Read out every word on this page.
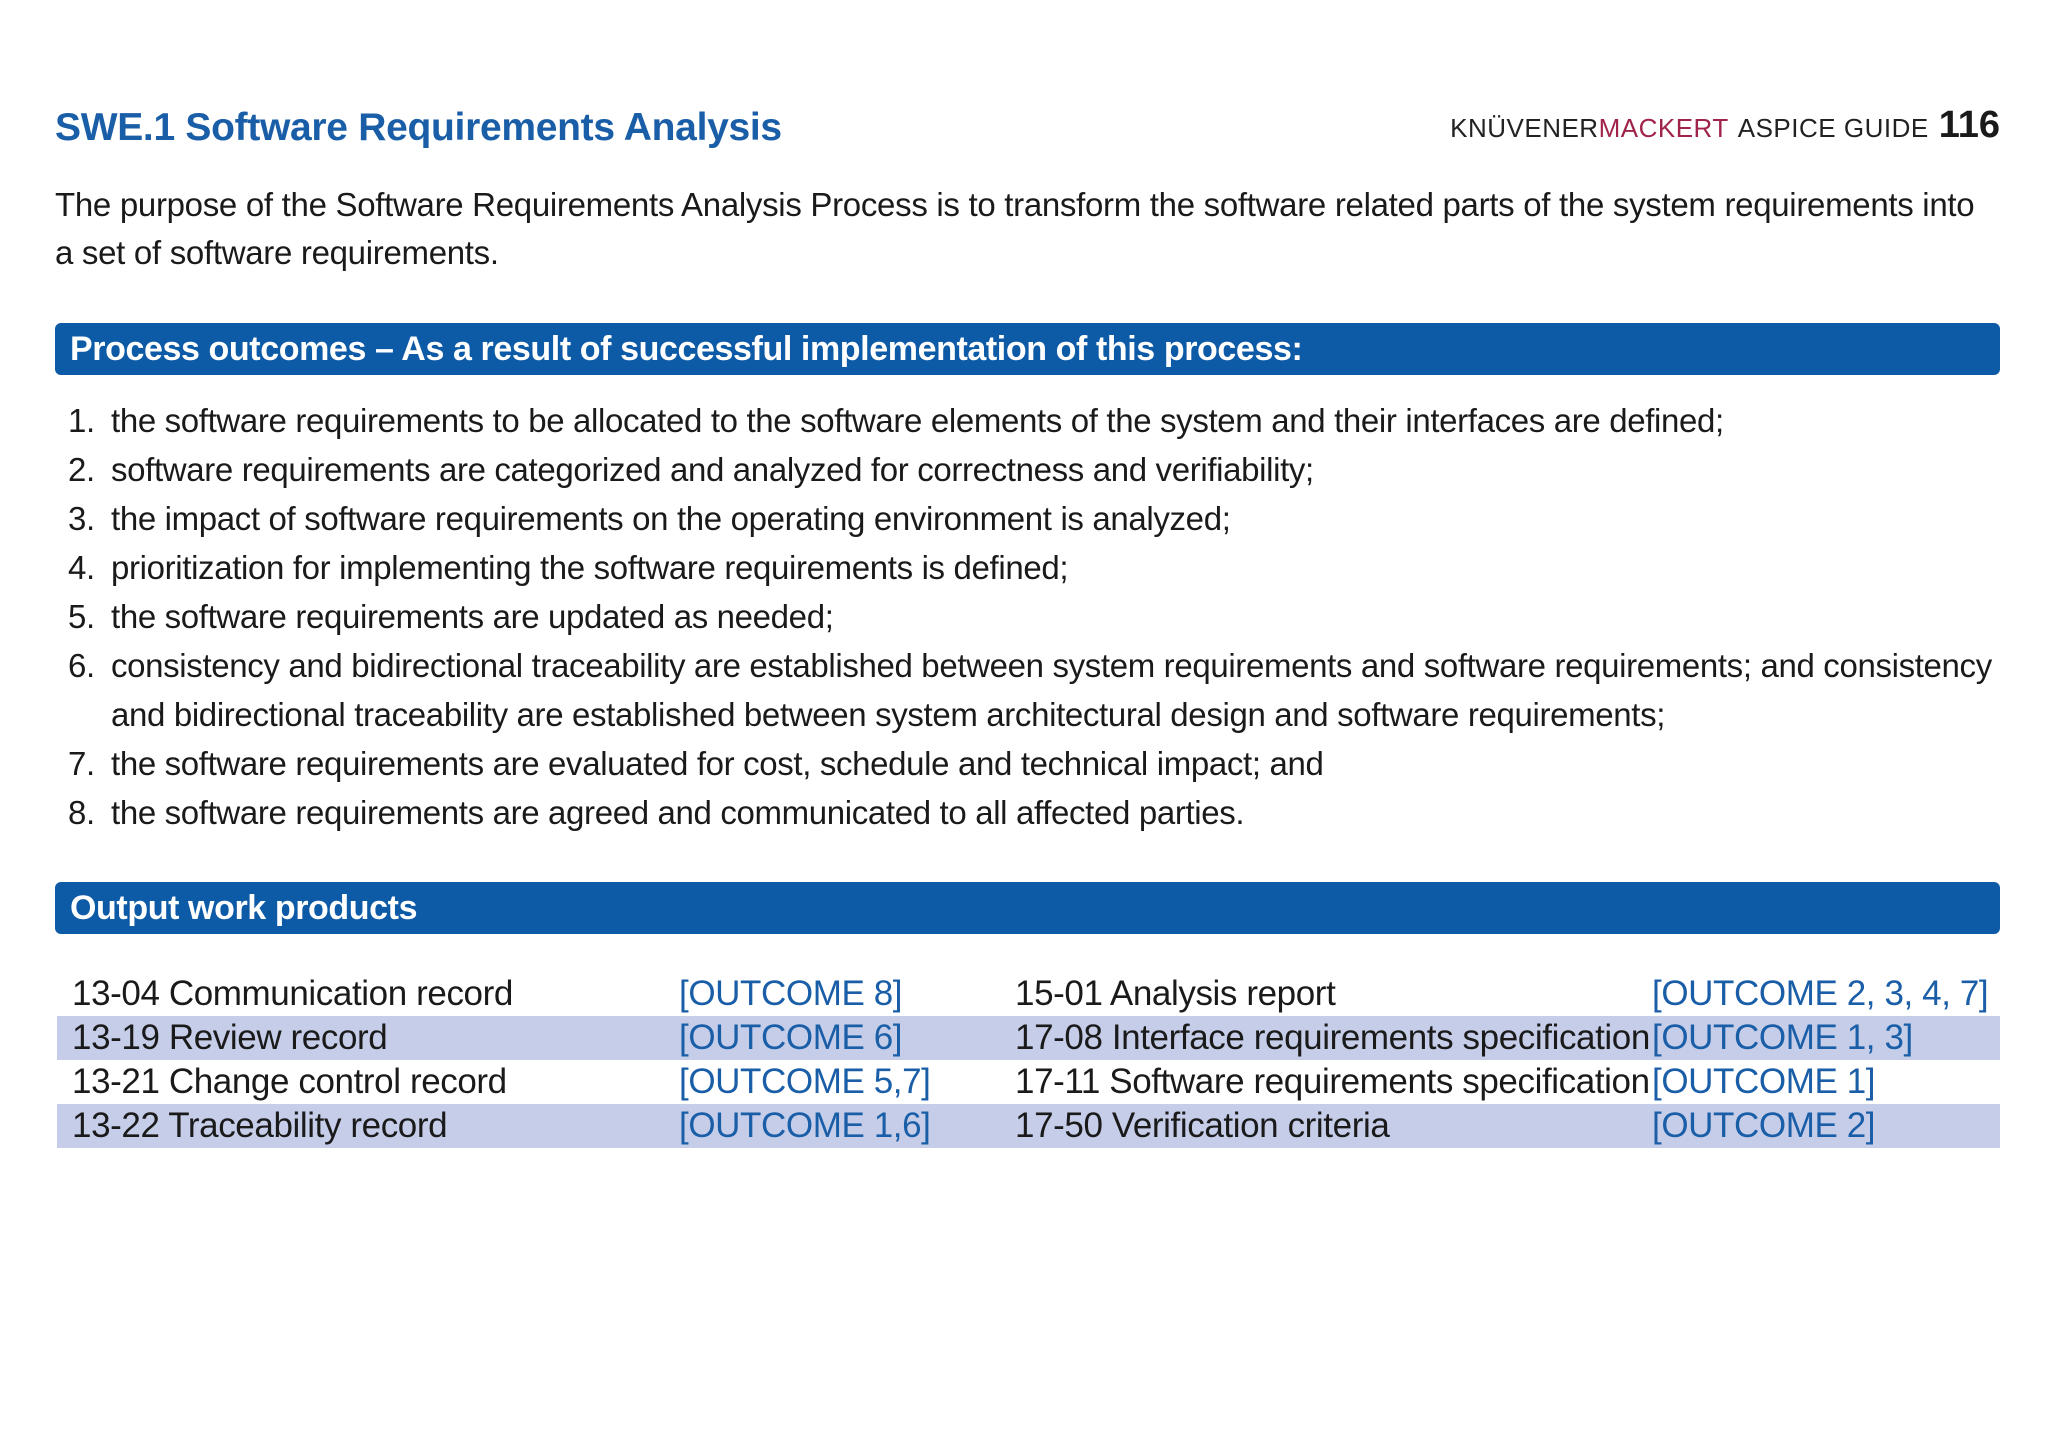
SWE.1 Software Requirements Analysis	KNÜVENER MACKERT ASPICE GUIDE 116
The purpose of the Software Requirements Analysis Process is to transform the software related parts of the system requirements into a set of software requirements.
Process outcomes – As a result of successful implementation of this process:
1. the software requirements to be allocated to the software elements of the system and their interfaces are defined;
2. software requirements are categorized and analyzed for correctness and verifiability;
3. the impact of software requirements on the operating environment is analyzed;
4. prioritization for implementing the software requirements is defined;
5. the software requirements are updated as needed;
6. consistency and bidirectional traceability are established between system requirements and software requirements; and consistency and bidirectional traceability are established between system architectural design and software requirements;
7. the software requirements are evaluated for cost, schedule and technical impact; and
8. the software requirements are agreed and communicated to all affected parties.
Output work products
13-04 Communication record	[OUTCOME 8]	15-01 Analysis report	[OUTCOME 2, 3, 4, 7]
13-19 Review record	[OUTCOME 6]	17-08 Interface requirements specification	[OUTCOME 1, 3]
13-21 Change control record	[OUTCOME 5,7]	17-11 Software requirements specification	[OUTCOME 1]
13-22 Traceability record	[OUTCOME 1,6]	17-50 Verification criteria	[OUTCOME 2]
